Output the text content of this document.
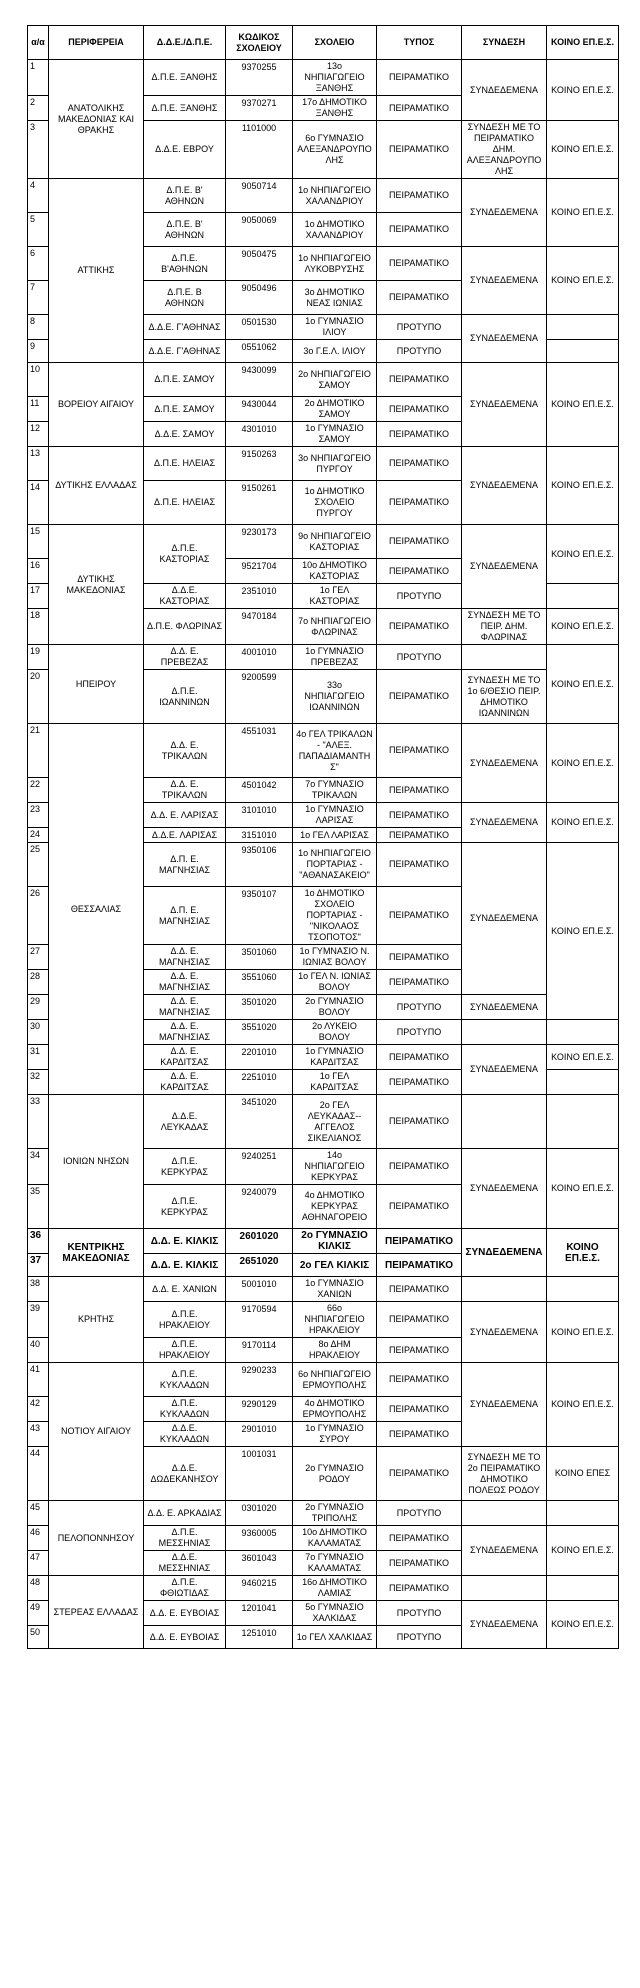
α/α	ΠΕΡΙΦΕΡΕΙΑ	Δ.Δ.Ε./Δ.Π.Ε.	ΚΩΔΙΚΟΣ ΣΧΟΛΕΙΟΥ	ΣΧΟΛΕΙΟ	ΤΥΠΟΣ	ΣΥΝΔΕΣΗ	ΚΟΙΝΟ ΕΠ.Ε.Σ.
1	ΑΝΑΤΟΛΙΚΗΣ ΜΑΚΕΔΟΝΙΑΣ ΚΑΙ ΘΡΑΚΗΣ	Δ.Π.Ε. ΞΑΝΘΗΣ	9370255	13ο ΝΗΠΙΑΓΩΓΕΙΟ ΞΑΝΘΗΣ	ΠΕΙΡΑΜΑΤΙΚΟ	ΣΥΝΔΕΔΕΜΕΝΑ	ΚΟΙΝΟ ΕΠ.Ε.Σ.
2		Δ.Π.Ε. ΞΑΝΘΗΣ	9370271	17ο ΔΗΜΟΤΙΚΟ ΞΑΝΘΗΣ	ΠΕΙΡΑΜΑΤΙΚΟ		
3		Δ.Δ.Ε. ΕΒΡΟΥ	1101000	6ο ΓΥΜΝΑΣΙΟ ΑΛΕΞΑΝΔΡΟΥΠΟΛΗΣ	ΠΕΙΡΑΜΑΤΙΚΟ	ΣΥΝΔΕΣΗ ΜΕ ΤΟ ΠΕΙΡΑΜΑΤΙΚΟ ΔΗΜ. ΑΛΕΞΑΝΔΡΟΥΠΟΛΗΣ	ΚΟΙΝΟ ΕΠ.Ε.Σ.
4	ΑΤΤΙΚΗΣ	Δ.Π.Ε. Β' ΑΘΗΝΩΝ	9050714	1ο ΝΗΠΙΑΓΩΓΕΙΟ ΧΑΛΑΝΔΡΙΟΥ	ΠΕΙΡΑΜΑΤΙΚΟ	ΣΥΝΔΕΔΕΜΕΝΑ	ΚΟΙΝΟ ΕΠ.Ε.Σ.
5		Δ.Π.Ε. Β' ΑΘΗΝΩΝ	9050069	1ο ΔΗΜΟΤΙΚΟ ΧΑΛΑΝΔΡΙΟΥ	ΠΕΙΡΑΜΑΤΙΚΟ		
6		Δ.Π.Ε. Β'ΑΘΗΝΩΝ	9050475	1ο ΝΗΠΙΑΓΩΓΕΙΟ ΛΥΚΟΒΡΥΣΗΣ	ΠΕΙΡΑΜΑΤΙΚΟ	ΣΥΝΔΕΔΕΜΕΝΑ	ΚΟΙΝΟ ΕΠ.Ε.Σ.
7		Δ.Π.Ε. Β ΑΘΗΝΩΝ	9050496	3ο ΔΗΜΟΤΙΚΟ ΝΕΑΣ ΙΩΝΙΑΣ	ΠΕΙΡΑΜΑΤΙΚΟ		
8		Δ.Δ.Ε. Γ'ΑΘΗΝΑΣ	0501530	1ο ΓΥΜΝΑΣΙΟ ΙΛΙΟΥ	ΠΡΟΤΥΠΟ	ΣΥΝΔΕΔΕΜΕΝΑ	
9		Δ.Δ.Ε. Γ'ΑΘΗΝΑΣ	0551062	3ο Γ.Ε.Λ. ΙΛΙΟΥ	ΠΡΟΤΥΠΟ		
10	ΒΟΡΕΙΟΥ ΑΙΓΑΙΟΥ	Δ.Π.Ε. ΣΑΜΟΥ	9430099	2ο ΝΗΠΙΑΓΩΓΕΙΟ ΣΑΜΟΥ	ΠΕΙΡΑΜΑΤΙΚΟ	ΣΥΝΔΕΔΕΜΕΝΑ	ΚΟΙΝΟ ΕΠ.Ε.Σ.
11		Δ.Π.Ε. ΣΑΜΟΥ	9430044	2ο ΔΗΜΟΤΙΚΟ ΣΑΜΟΥ	ΠΕΙΡΑΜΑΤΙΚΟ		
12		Δ.Δ.Ε. ΣΑΜΟΥ	4301010	1ο ΓΥΜΝΑΣΙΟ ΣΑΜΟΥ	ΠΕΙΡΑΜΑΤΙΚΟ		
13	ΔΥΤΙΚΗΣ ΕΛΛΑΔΑΣ	Δ.Π.Ε. ΗΛΕΙΑΣ	9150263	3ο ΝΗΠΙΑΓΩΓΕΙΟ ΠΥΡΓΟΥ	ΠΕΙΡΑΜΑΤΙΚΟ	ΣΥΝΔΕΔΕΜΕΝΑ	ΚΟΙΝΟ ΕΠ.Ε.Σ.
14		Δ.Π.Ε. ΗΛΕΙΑΣ	9150261	1ο ΔΗΜΟΤΙΚΟ ΣΧΟΛΕΙΟ ΠΥΡΓΟΥ	ΠΕΙΡΑΜΑΤΙΚΟ		
15	ΔΥΤΙΚΗΣ ΜΑΚΕΔΟΝΙΑΣ	Δ.Π.Ε. ΚΑΣΤΟΡΙΑΣ	9230173	9ο ΝΗΠΙΑΓΩΓΕΙΟ ΚΑΣΤΟΡΙΑΣ	ΠΕΙΡΑΜΑΤΙΚΟ	ΣΥΝΔΕΔΕΜΕΝΑ	ΚΟΙΝΟ ΕΠ.Ε.Σ.
16			9521704	10ο ΔΗΜΟΤΙΚΟ ΚΑΣΤΟΡΙΑΣ	ΠΕΙΡΑΜΑΤΙΚΟ		
17		Δ.Δ.Ε. ΚΑΣΤΟΡΙΑΣ	2351010	1ο ΓΕΛ ΚΑΣΤΟΡΙΑΣ	ΠΡΟΤΥΠΟ		
18		Δ.Π.Ε. ΦΛΩΡΙΝΑΣ	9470184	7ο ΝΗΠΙΑΓΩΓΕΙΟ ΦΛΩΡΙΝΑΣ	ΠΕΙΡΑΜΑΤΙΚΟ	ΣΥΝΔΕΣΗ ΜΕ ΤΟ ΠΕΙΡ. ΔΗΜ. ΦΛΩΡΙΝΑΣ	ΚΟΙΝΟ ΕΠ.Ε.Σ.
19	ΗΠΕΙΡΟΥ	Δ.Δ. Ε. ΠΡΕΒΕΖΑΣ	4001010	1ο ΓΥΜΝΑΣΙΟ ΠΡΕΒΕΖΑΣ	ΠΡΟΤΥΠΟ		ΚΟΙΝΟ ΕΠ.Ε.Σ.
20		Δ.Π.Ε. ΙΩΑΝΝΙΝΩΝ	9200599	33ο ΝΗΠΙΑΓΩΓΕΙΟ ΙΩΑΝΝΙΝΩΝ	ΠΕΙΡΑΜΑΤΙΚΟ	ΣΥΝΔΕΣΗ ΜΕ ΤΟ 1ο 6/ΘΕΣΙΟ ΠΕΙΡ. ΔΗΜΟΤΙΚΟ ΙΩΑΝΝΙΝΩΝ	
21	ΘΕΣΣΑΛΙΑΣ	Δ.Δ. Ε. ΤΡΙΚΑΛΩΝ	4551031	4ο ΓΕΛ ΤΡΙΚΑΛΩΝ - "ΑΛΕΞ. ΠΑΠΑΔΙΑΜΑΝΤΗΣ"	ΠΕΙΡΑΜΑΤΙΚΟ	ΣΥΝΔΕΔΕΜΕΝΑ	ΚΟΙΝΟ ΕΠ.Ε.Σ.
22		Δ.Δ. Ε. ΤΡΙΚΑΛΩΝ	4501042	7ο ΓΥΜΝΑΣΙΟ ΤΡΙΚΑΛΩΝ	ΠΕΙΡΑΜΑΤΙΚΟ		
23		Δ.Δ. Ε. ΛΑΡΙΣΑΣ	3101010	1ο ΓΥΜΝΑΣΙΟ ΛΑΡΙΣΑΣ	ΠΕΙΡΑΜΑΤΙΚΟ	ΣΥΝΔΕΔΕΜΕΝΑ	ΚΟΙΝΟ ΕΠ.Ε.Σ.
24		Δ.Δ.Ε. ΛΑΡΙΣΑΣ	3151010	1ο ΓΕΛ ΛΑΡΙΣΑΣ	ΠΕΙΡΑΜΑΤΙΚΟ		
25		Δ.Π. Ε. ΜΑΓΝΗΣΙΑΣ	9350106	1ο ΝΗΠΙΑΓΩΓΕΙΟ ΠΟΡΤΑΡΙΑΣ - "ΑΘΑΝΑΣΑΚΕΙΟ"	ΠΕΙΡΑΜΑΤΙΚΟ	ΣΥΝΔΕΔΕΜΕΝΑ	ΚΟΙΝΟ ΕΠ.Ε.Σ.
26		Δ.Π. Ε. ΜΑΓΝΗΣΙΑΣ	9350107	1ο ΔΗΜΟΤΙΚΟ ΣΧΟΛΕΙΟ ΠΟΡΤΑΡΙΑΣ - "ΝΙΚΟΛΑΟΣ ΤΣΟΠΟΤΟΣ"	ΠΕΙΡΑΜΑΤΙΚΟ		
27		Δ.Δ. Ε. ΜΑΓΝΗΣΙΑΣ	3501060	1ο ΓΥΜΝΑΣΙΟ Ν. ΙΩΝΙΑΣ ΒΟΛΟΥ	ΠΕΙΡΑΜΑΤΙΚΟ		
28		Δ.Δ. Ε. ΜΑΓΝΗΣΙΑΣ	3551060	1ο ΓΕΛ Ν. ΙΩΝΙΑΣ ΒΟΛΟΥ	ΠΕΙΡΑΜΑΤΙΚΟ		
29		Δ.Δ. Ε. ΜΑΓΝΗΣΙΑΣ	3501020	2ο ΓΥΜΝΑΣΙΟ ΒΟΛΟΥ	ΠΡΟΤΥΠΟ	ΣΥΝΔΕΔΕΜΕΝΑ	
30		Δ.Δ. Ε. ΜΑΓΝΗΣΙΑΣ	3551020	2ο ΛΥΚΕΙΟ ΒΟΛΟΥ	ΠΡΟΤΥΠΟ		
31		Δ.Δ. Ε. ΚΑΡΔΙΤΣΑΣ	2201010	1ο ΓΥΜΝΑΣΙΟ ΚΑΡΔΙΤΣΑΣ	ΠΕΙΡΑΜΑΤΙΚΟ	ΣΥΝΔΕΔΕΜΕΝΑ	ΚΟΙΝΟ ΕΠ.Ε.Σ.
32		Δ.Δ. Ε. ΚΑΡΔΙΤΣΑΣ	2251010	1ο ΓΕΛ ΚΑΡΔΙΤΣΑΣ	ΠΕΙΡΑΜΑΤΙΚΟ		
33	ΙΟΝΙΩΝ ΝΗΣΩΝ	Δ.Δ.Ε. ΛΕΥΚΑΔΑΣ	3451020	2ο ΓΕΛ ΛΕΥΚΑΔΑΣ-- ΑΓΓΕΛΟΣ ΣΙΚΕΛΙΑΝΟΣ	ΠΕΙΡΑΜΑΤΙΚΟ		
34		Δ.Π.Ε. ΚΕΡΚΥΡΑΣ	9240251	14ο ΝΗΠΙΑΓΩΓΕΙΟ ΚΕΡΚΥΡΑΣ	ΠΕΙΡΑΜΑΤΙΚΟ	ΣΥΝΔΕΔΕΜΕΝΑ	ΚΟΙΝΟ ΕΠ.Ε.Σ.
35		Δ.Π.Ε. ΚΕΡΚΥΡΑΣ	9240079	4ο ΔΗΜΟΤΙΚΟ ΚΕΡΚΥΡΑΣ ΑΘΗΝΑΓΟΡΕΙΟ	ΠΕΙΡΑΜΑΤΙΚΟ		
36	ΚΕΝΤΡΙΚΗΣ ΜΑΚΕΔΟΝΙΑΣ	Δ.Δ. Ε. ΚΙΛΚΙΣ	2601020	2ο ΓΥΜΝΑΣΙΟ ΚΙΛΚΙΣ	ΠΕΙΡΑΜΑΤΙΚΟ	ΣΥΝΔΕΔΕΜΕΝΑ	ΚΟΙΝΟ ΕΠ.Ε.Σ.
37		Δ.Δ. Ε. ΚΙΛΚΙΣ	2651020	2ο ΓΕΛ ΚΙΛΚΙΣ	ΠΕΙΡΑΜΑΤΙΚΟ		
38	ΚΡΗΤΗΣ	Δ.Δ. Ε. ΧΑΝΙΩΝ	5001010	1ο ΓΥΜΝΑΣΙΟ ΧΑΝΙΩΝ	ΠΕΙΡΑΜΑΤΙΚΟ		
39		Δ.Π.Ε. ΗΡΑΚΛΕΙΟΥ	9170594	66ο ΝΗΠΙΑΓΩΓΕΙΟ ΗΡΑΚΛΕΙΟΥ	ΠΕΙΡΑΜΑΤΙΚΟ	ΣΥΝΔΕΔΕΜΕΝΑ	ΚΟΙΝΟ ΕΠ.Ε.Σ.
40		Δ.Π.Ε. ΗΡΑΚΛΕΙΟΥ	9170114	8ο ΔΗΜ ΗΡΑΚΛΕΙΟΥ	ΠΕΙΡΑΜΑΤΙΚΟ		
41	ΝΟΤΙΟΥ ΑΙΓΑΙΟΥ	Δ.Π.Ε. ΚΥΚΛΑΔΩΝ	9290233	6ο ΝΗΠΙΑΓΩΓΕΙΟ ΕΡΜΟΥΠΟΛΗΣ	ΠΕΙΡΑΜΑΤΙΚΟ	ΣΥΝΔΕΔΕΜΕΝΑ	ΚΟΙΝΟ ΕΠ.Ε.Σ.
42		Δ.Π.Ε. ΚΥΚΛΑΔΩΝ	9290129	4ο ΔΗΜΟΤΙΚΟ ΕΡΜΟΥΠΟΛΗΣ	ΠΕΙΡΑΜΑΤΙΚΟ		
43		Δ.Δ.Ε. ΚΥΚΛΑΔΩΝ	2901010	1ο ΓΥΜΝΑΣΙΟ ΣΥΡΟΥ	ΠΕΙΡΑΜΑΤΙΚΟ		
44		Δ.Δ.Ε. ΔΩΔΕΚΑΝΗΣΟΥ	1001031	2ο ΓΥΜΝΑΣΙΟ ΡΟΔΟΥ	ΠΕΙΡΑΜΑΤΙΚΟ	ΣΥΝΔΕΣΗ ΜΕ ΤΟ 2ο ΠΕΙΡΑΜΑΤΙΚΟ ΔΗΜΟΤΙΚΟ ΠΟΛΕΩΣ ΡΟΔΟΥ	ΚΟΙΝΟ ΕΠΕΣ
45	ΠΕΛΟΠΟΝΝΗΣΟΥ	Δ.Δ. Ε. ΑΡΚΑΔΙΑΣ	0301020	2ο ΓΥΜΝΑΣΙΟ ΤΡΙΠΟΛΗΣ	ΠΡΟΤΥΠΟ		
46		Δ.Π.Ε. ΜΕΣΣΗΝΙΑΣ	9360005	10ο ΔΗΜΟΤΙΚΟ ΚΑΛΑΜΑΤΑΣ	ΠΕΙΡΑΜΑΤΙΚΟ	ΣΥΝΔΕΔΕΜΕΝΑ	ΚΟΙΝΟ ΕΠ.Ε.Σ.
47		Δ.Δ.Ε. ΜΕΣΣΗΝΙΑΣ	3601043	7ο ΓΥΜΝΑΣΙΟ ΚΑΛΑΜΑΤΑΣ	ΠΕΙΡΑΜΑΤΙΚΟ		
48	ΣΤΕΡΕΑΣ ΕΛΛΑΔΑΣ	Δ.Π.Ε. ΦΘΙΩΤΙΔΑΣ	9460215	16ο ΔΗΜΟΤΙΚΟ ΛΑΜΙΑΣ	ΠΕΙΡΑΜΑΤΙΚΟ		
49		Δ.Δ. Ε. ΕΥΒΟΙΑΣ	1201041	5ο ΓΥΜΝΑΣΙΟ ΧΑΛΚΙΔΑΣ	ΠΡΟΤΥΠΟ	ΣΥΝΔΕΔΕΜΕΝΑ	ΚΟΙΝΟ ΕΠ.Ε.Σ.
50		Δ.Δ. Ε. ΕΥΒΟΙΑΣ	1251010	1ο ΓΕΛ ΧΑΛΚΙΔΑΣ	ΠΡΟΤΥΠΟ		
